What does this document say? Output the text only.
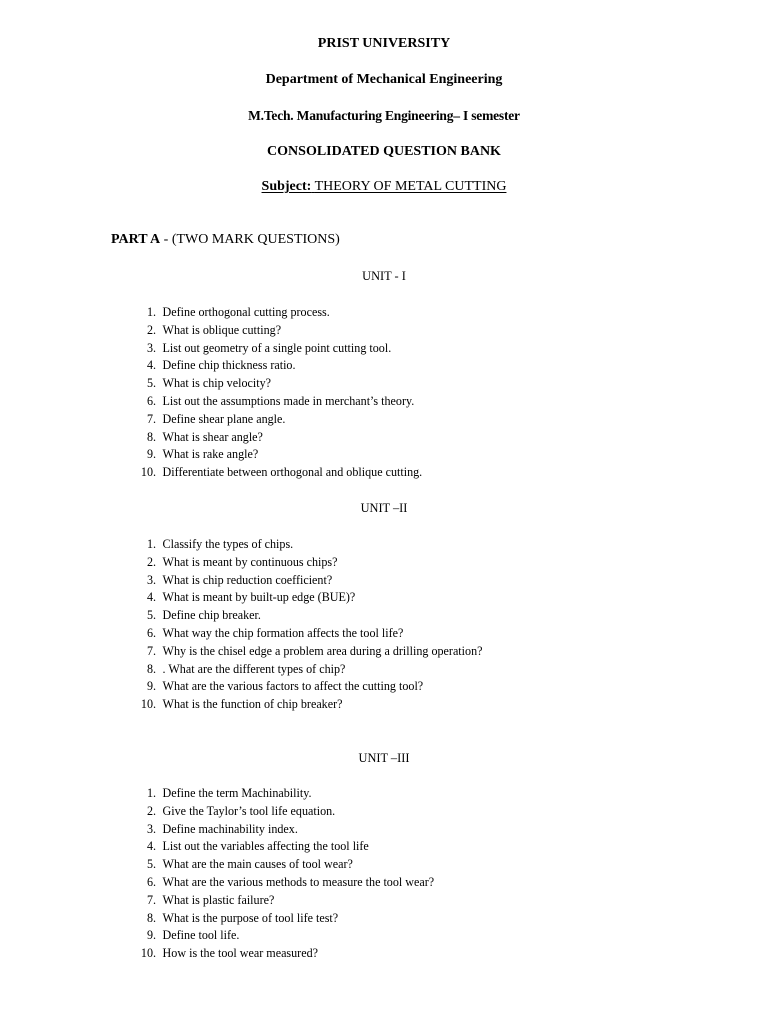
PRIST UNIVERSITY
Department of Mechanical Engineering
M.Tech. Manufacturing Engineering– I semester
CONSOLIDATED QUESTION BANK
Subject: THEORY OF METAL CUTTING
PART A - (TWO MARK QUESTIONS)
UNIT - I
1. Define orthogonal cutting process.
2. What is oblique cutting?
3. List out geometry of a single point cutting tool.
4. Define chip thickness ratio.
5. What is chip velocity?
6. List out the assumptions made in merchant’s theory.
7. Define shear plane angle.
8. What is shear angle?
9. What is rake angle?
10. Differentiate between orthogonal and oblique cutting.
UNIT –II
1. Classify the types of chips.
2. What is meant by continuous chips?
3. What is chip reduction coefficient?
4. What is meant by built-up edge (BUE)?
5. Define chip breaker.
6. What way the chip formation affects the tool life?
7. Why is the chisel edge a problem area during a drilling operation?
8. . What are the different types of chip?
9. What are the various factors to affect the cutting tool?
10. What is the function of chip breaker?
UNIT –III
1. Define the term Machinability.
2. Give the Taylor’s tool life equation.
3. Define machinability index.
4. List out the variables affecting the tool life
5. What are the main causes of tool wear?
6. What are the various methods to measure the tool wear?
7. What is plastic failure?
8. What is the purpose of tool life test?
9. Define tool life.
10. How is the tool wear measured?
